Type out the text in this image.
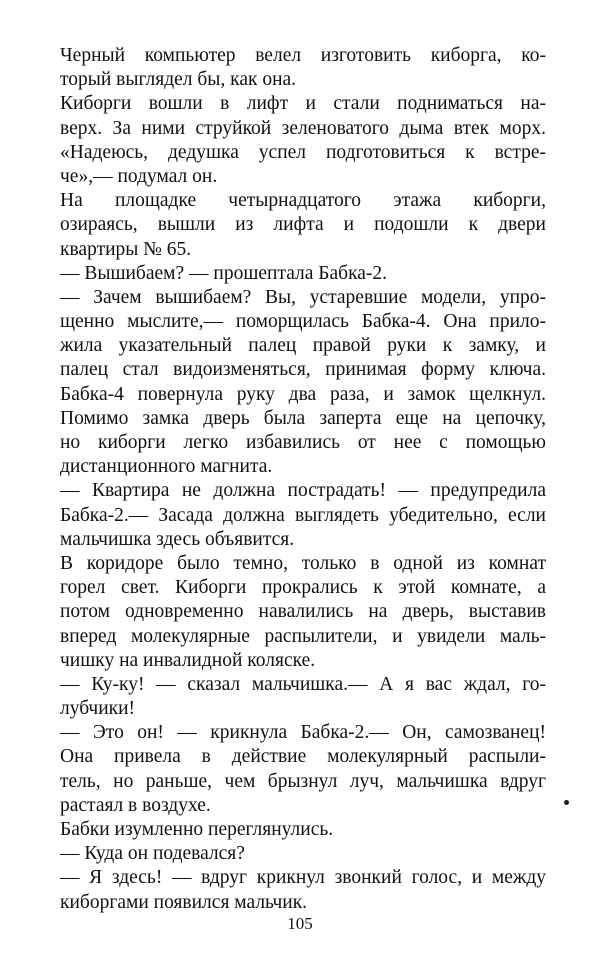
Черный компьютер велел изготовить киборга, ко-
торый выглядел бы, как она.
Киборги вошли в лифт и стали подниматься на-
верх. За ними струйкой зеленоватого дыма втек морх.
«Надеюсь, дедушка успел подготовиться к встре-
че»,— подумал он.
На площадке четырнадцатого этажа киборги,
озираясь, вышли из лифта и подошли к двери
квартиры № 65.
— Вышибаем? — прошептала Бабка-2.
— Зачем вышибаем? Вы, устаревшие модели, упро-
щенно мыслите,— поморщилась Бабка-4. Она прило-
жила указательный палец правой руки к замку, и
палец стал видоизменяться, принимая форму ключа.
Бабка-4 повернула руку два раза, и замок щелкнул.
Помимо замка дверь была заперта еще на цепочку,
но киборги легко избавились от нее с помощью
дистанционного магнита.
— Квартира не должна пострадать! — предупредила
Бабка-2.— Засада должна выглядеть убедительно, если
мальчишка здесь объявится.
В коридоре было темно, только в одной из комнат
горел свет. Киборги прокрались к этой комнате, а
потом одновременно навалились на дверь, выставив
вперед молекулярные распылители, и увидели маль-
чишку на инвалидной коляске.
— Ку-ку! — сказал мальчишка.— А я вас ждал, го-
лубчики!
— Это он! — крикнула Бабка-2.— Он, самозванец!
Она привела в действие молекулярный распыли-
тель, но раньше, чем брызнул луч, мальчишка вдруг
растаял в воздухе.
Бабки изумленно переглянулись.
— Куда он подевался?
— Я здесь! — вдруг крикнул звонкий голос, и между
киборгами появился мальчик.
105
